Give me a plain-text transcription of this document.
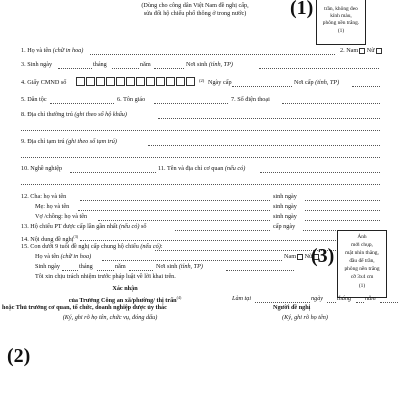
(Dùng cho công dân Việt Nam đề nghị cấp,
sửa đổi hộ chiếu phổ thông ở trong nước)	(1)	trần, không đeo
kính màu,
phông nền trắng.
(1)
1. Họ và tên (chữ in hoa)	2. Nam Nữ
3. Sinh ngày	tháng	năm	Nơi sinh (tỉnh, TP)
4. Giấy CMND số	(2) Ngày cấp	Nơi cấp (tỉnh, TP)
5. Dân tộc	6. Tôn giáo	7. Số điện thoại
8. Địa chỉ thường trú (ghi theo sổ hộ khẩu)
9. Địa chỉ tạm trú (ghi theo sổ tạm trú)
10. Nghề nghiệp	11. Tên và địa chỉ cơ quan (nếu có)
12. Cha: họ và tên	sinh ngày
Mẹ: họ và tên	sinh ngày
Vợ /chồng: họ và tên	sinh ngày
13. Hộ chiếu PT được cấp lần gần nhất (nếu có) số	cấp ngày
14. Nội dung đề nghị$^{(3)}$
15. Con dưới 9 tuổi đề nghị cấp chung hộ chiếu (nếu có):
Họ và tên (chữ in hoa)	Nam Nữ
Sinh ngày	tháng	năm	Nơi sinh (tỉnh, TP)
Tôi xin chịu trách nhiệm trước pháp luật về lời khai trên.
(3)
Ảnh
mới chụp,
mặt nhìn thẳng,
đầu để trần,
phông nền trắng
cỡ 3x4 cm
(1)
Xác nhận
của Trưởng Công an xã/phường/ thị trấn$^{(4)}$	Làm tại	ngày tháng năm
hoặc Thủ trưởng cơ quan, tổ chức, doanh nghiệp được ủy thác	Người đề nghị
(Ký, ghi rõ họ tên, chức vụ, đóng dấu)	(Ký, ghi rõ họ tên)
(2)
